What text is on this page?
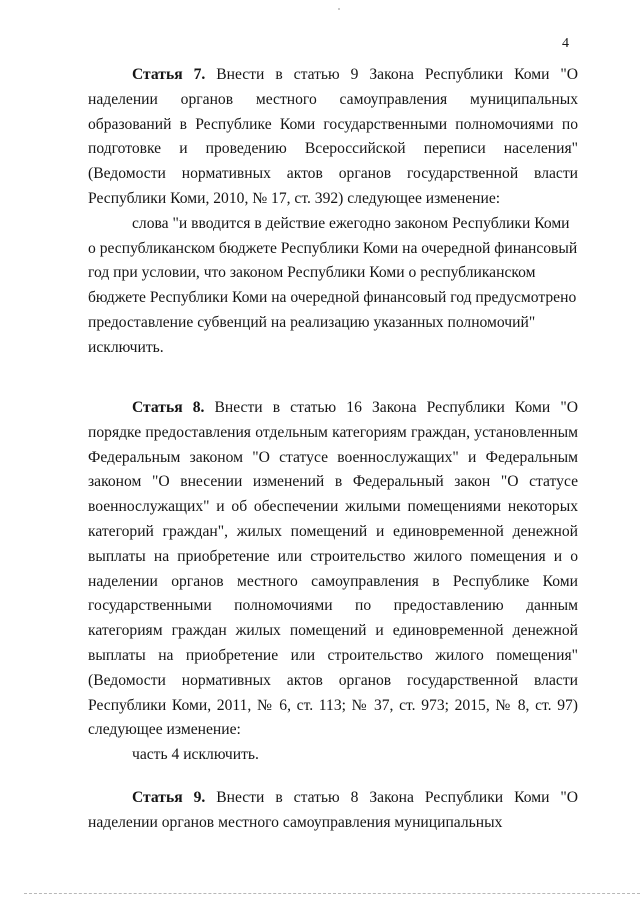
4

Статья 7. Внести в статью 9 Закона Республики Коми "О наделении органов местного самоуправления муниципальных образований в Республике Коми государственными полномочиями по подготовке и проведению Всероссийской переписи населения" (Ведомости нормативных актов органов государственной власти Республики Коми, 2010, № 17, ст. 392) следующее изменение:

слова "и вводится в действие ежегодно законом Республики Коми о республиканском бюджете Республики Коми на очередной финансовый год при условии, что законом Республики Коми о республиканском бюджете Республики Коми на очередной финансовый год предусмотрено предоставление субвенций на реализацию указанных полномочий" исключить.

Статья 8. Внести в статью 16 Закона Республики Коми "О порядке предоставления отдельным категориям граждан, установленным Федеральным законом "О статусе военнослужащих" и Федеральным законом "О внесении изменений в Федеральный закон "О статусе военнослужащих" и об обеспечении жилыми помещениями некоторых категорий граждан", жилых помещений и единовременной денежной выплаты на приобретение или строительство жилого помещения и о наделении органов местного самоуправления в Республике Коми государственными полномочиями по предоставлению данным категориям граждан жилых помещений и единовременной денежной выплаты на приобретение или строительство жилого помещения" (Ведомости нормативных актов органов государственной власти Республики Коми, 2011, № 6, ст. 113; № 37, ст. 973; 2015, № 8, ст. 97) следующее изменение:

часть 4 исключить.

Статья 9. Внести в статью 8 Закона Республики Коми "О наделении органов местного самоуправления муниципальных
